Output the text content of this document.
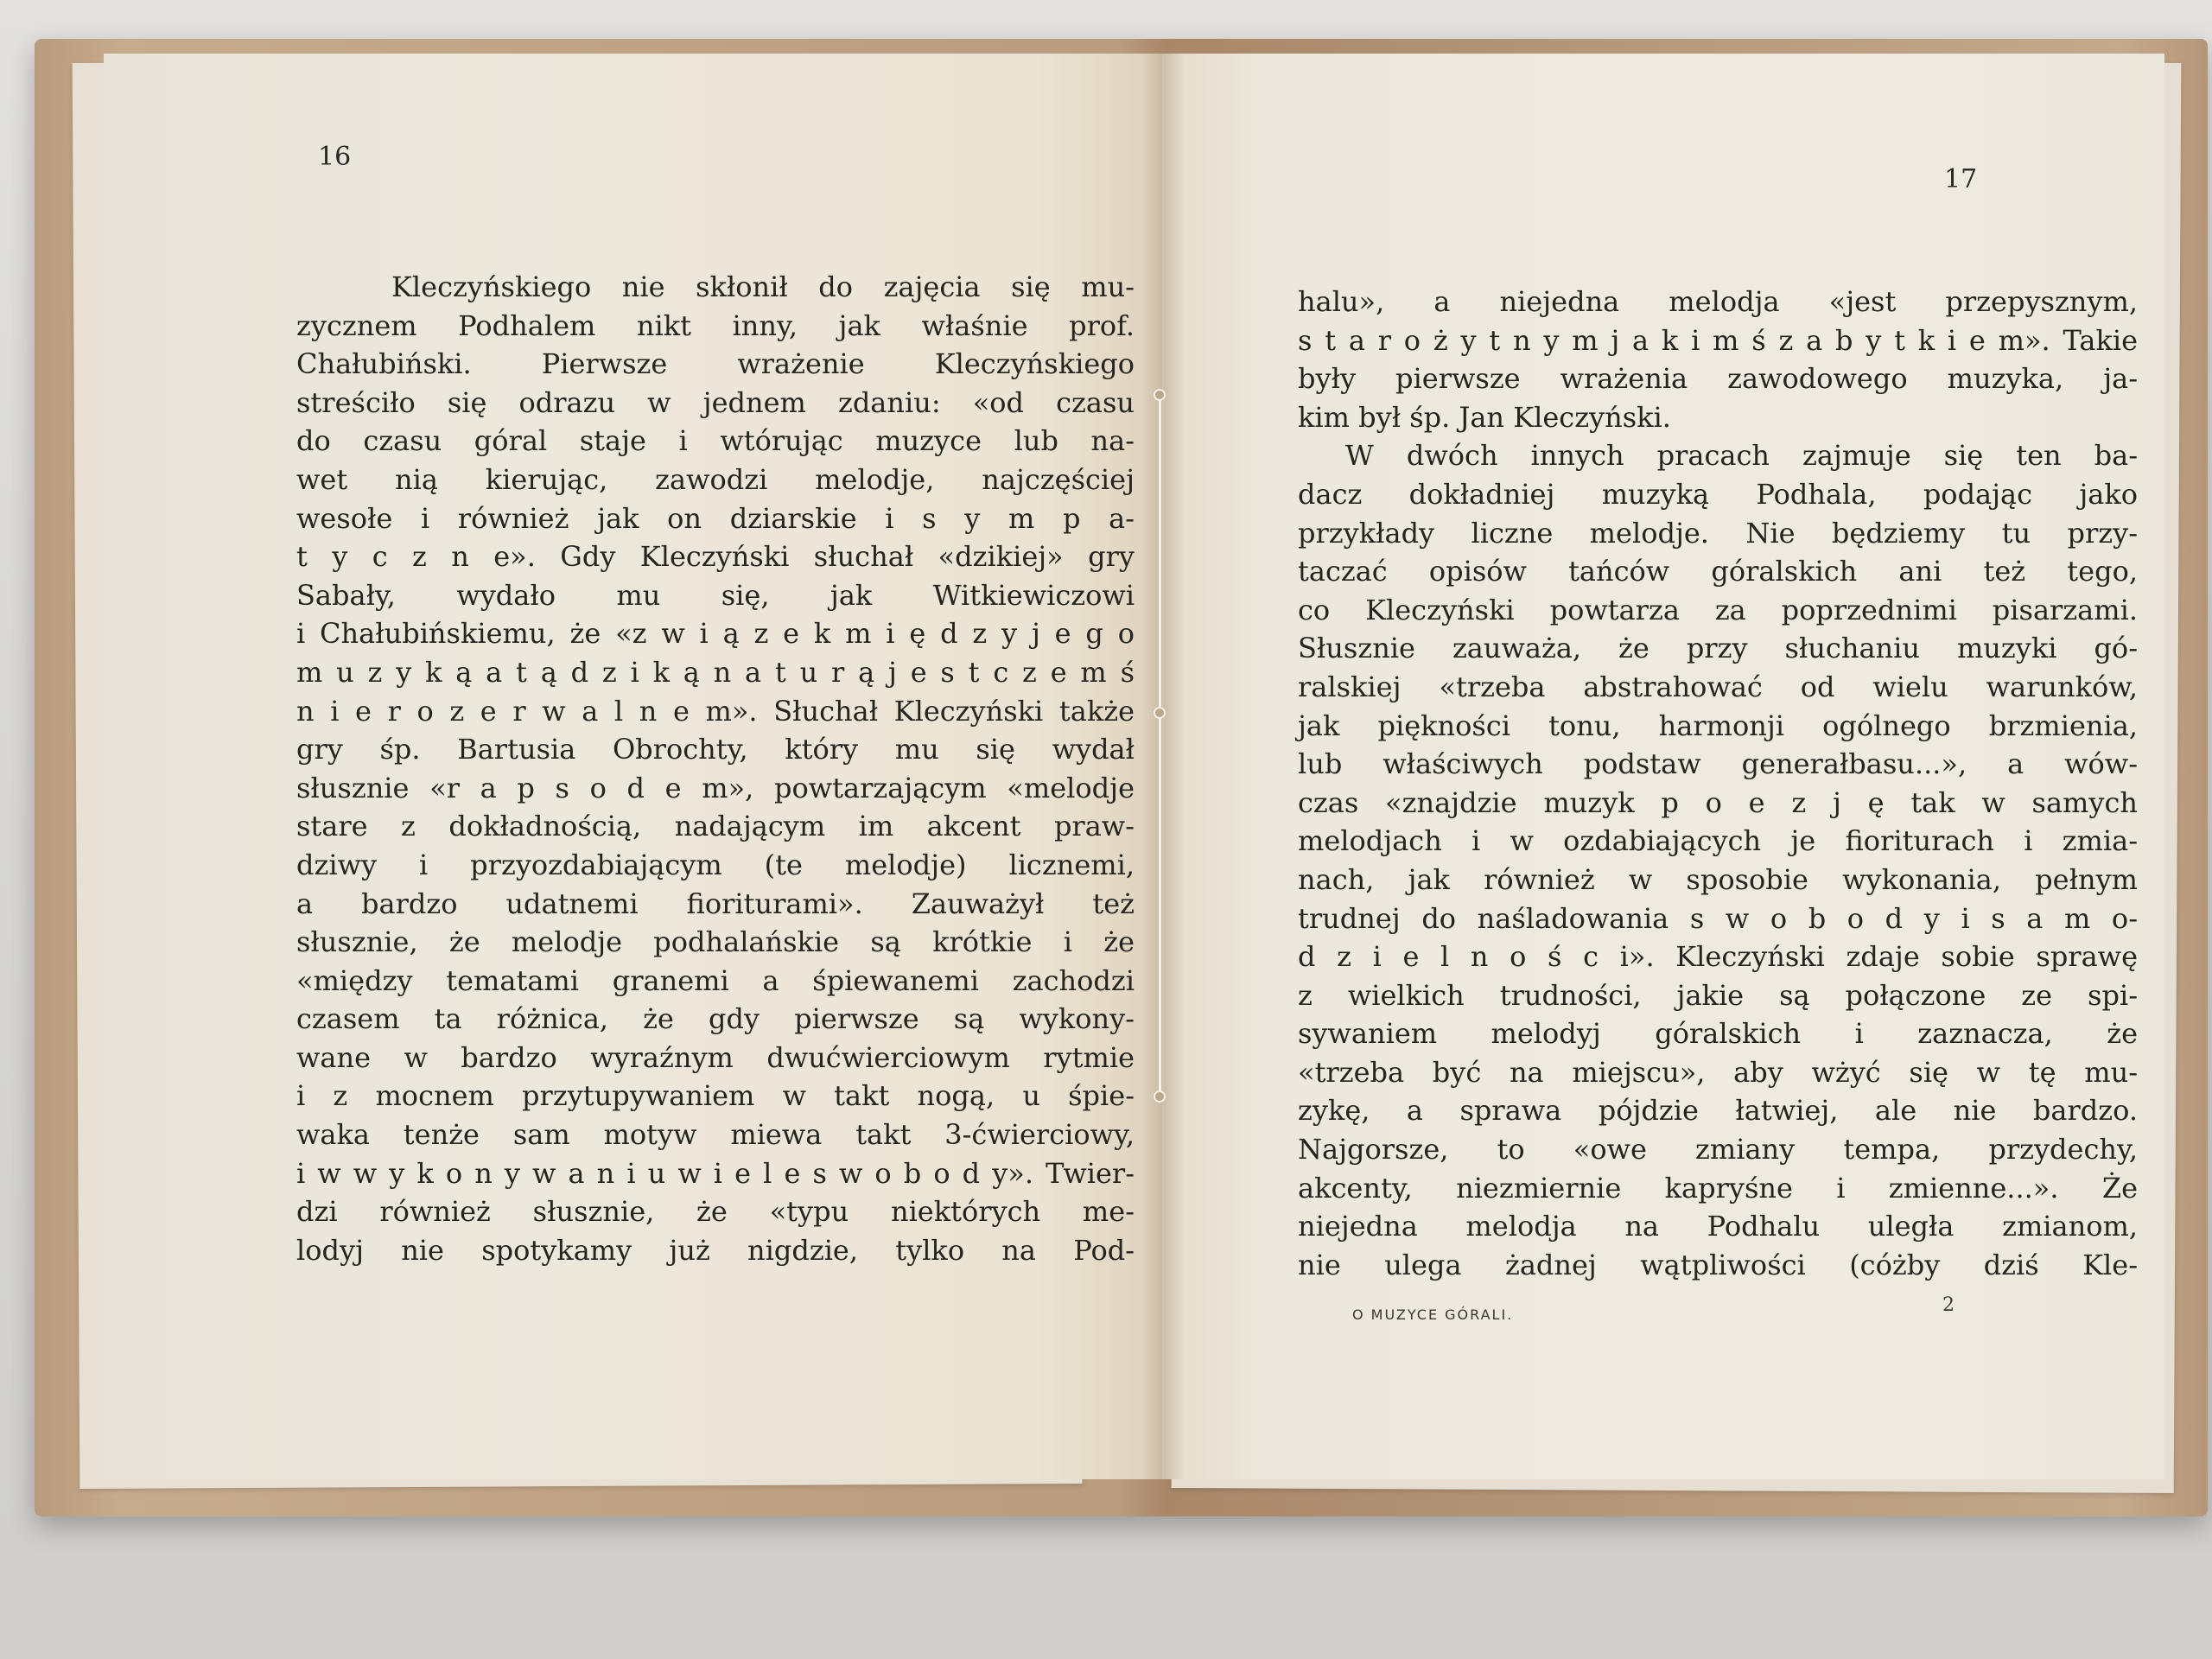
16
Kleczyńskiego nie skłonił do zajęcia się mu-
zycznem Podhalem nikt inny, jak właśnie prof.
Chałubiński. Pierwsze wrażenie Kleczyńskiego
streściło się odrazu w jednem zdaniu: «od czasu
do czasu góral staje i wtórując muzyce lub na-
wet nią kierując, zawodzi melodje, najczęściej
wesołe i również jak on dziarskie i s y m p a-
t y c z n e». Gdy Kleczyński słuchał «dzikiej» gry
Sabały, wydało mu się, jak Witkiewiczowi
i Chałubińskiemu, że «z w i ą z e k m i ę d z y j e g o
m u z y k ą a t ą d z i k ą n a t u r ą j e s t c z e m ś
n i e r o z e r w a l n e m». Słuchał Kleczyński także
gry śp. Bartusia Obrochty, który mu się wydał
słusznie «r a p s o d e m», powtarzającym «melodje
stare z dokładnością, nadającym im akcent praw-
dziwy i przyozdabiającym (te melodje) licznemi,
a bardzo udatnemi fioriturami». Zauważył też
słusznie, że melodje podhalańskie są krótkie i że
«między tematami granemi a śpiewanemi zachodzi
czasem ta różnica, że gdy pierwsze są wykony-
wane w bardzo wyraźnym dwućwierciowym rytmie
i z mocnem przytupywaniem w takt nogą, u śpie-
waka tenże sam motyw miewa takt 3-ćwierciowy,
i w w y k o n y w a n i u w i e l e s w o b o d y». Twier-
dzi również słusznie, że «typu niektórych me-
lodyj nie spotykamy już nigdzie, tylko na Pod-
17
halu», a niejedna melodja «jest przepysznym,
s t a r o ż y t n y m j a k i m ś z a b y t k i e m». Takie
były pierwsze wrażenia zawodowego muzyka, ja-
kim był śp. Jan Kleczyński.
W dwóch innych pracach zajmuje się ten ba-
dacz dokładniej muzyką Podhala, podając jako
przykłady liczne melodje. Nie będziemy tu przy-
taczać opisów tańców góralskich ani też tego,
co Kleczyński powtarza za poprzednimi pisarzami.
Słusznie zauważa, że przy słuchaniu muzyki gó-
ralskiej «trzeba abstrahować od wielu warunków,
jak piękności tonu, harmonji ogólnego brzmienia,
lub właściwych podstaw generałbasu...», a wów-
czas «znajdzie muzyk p o e z j ę tak w samych
melodjach i w ozdabiających je fioriturach i zmia-
nach, jak również w sposobie wykonania, pełnym
trudnej do naśladowania s w o b o d y i s a m o-
d z i e l n o ś c i». Kleczyński zdaje sobie sprawę
z wielkich trudności, jakie są połączone ze spi-
sywaniem melodyj góralskich i zaznacza, że
«trzeba być na miejscu», aby wżyć się w tę mu-
zykę, a sprawa pójdzie łatwiej, ale nie bardzo.
Najgorsze, to «owe zmiany tempa, przydechy,
akcenty, niezmiernie kapryśne i zmienne...». Że
niejedna melodja na Podhalu uległa zmianom,
nie ulega żadnej wątpliwości (cóżby dziś Kle-
O MUZYCE GÓRALI.	2
